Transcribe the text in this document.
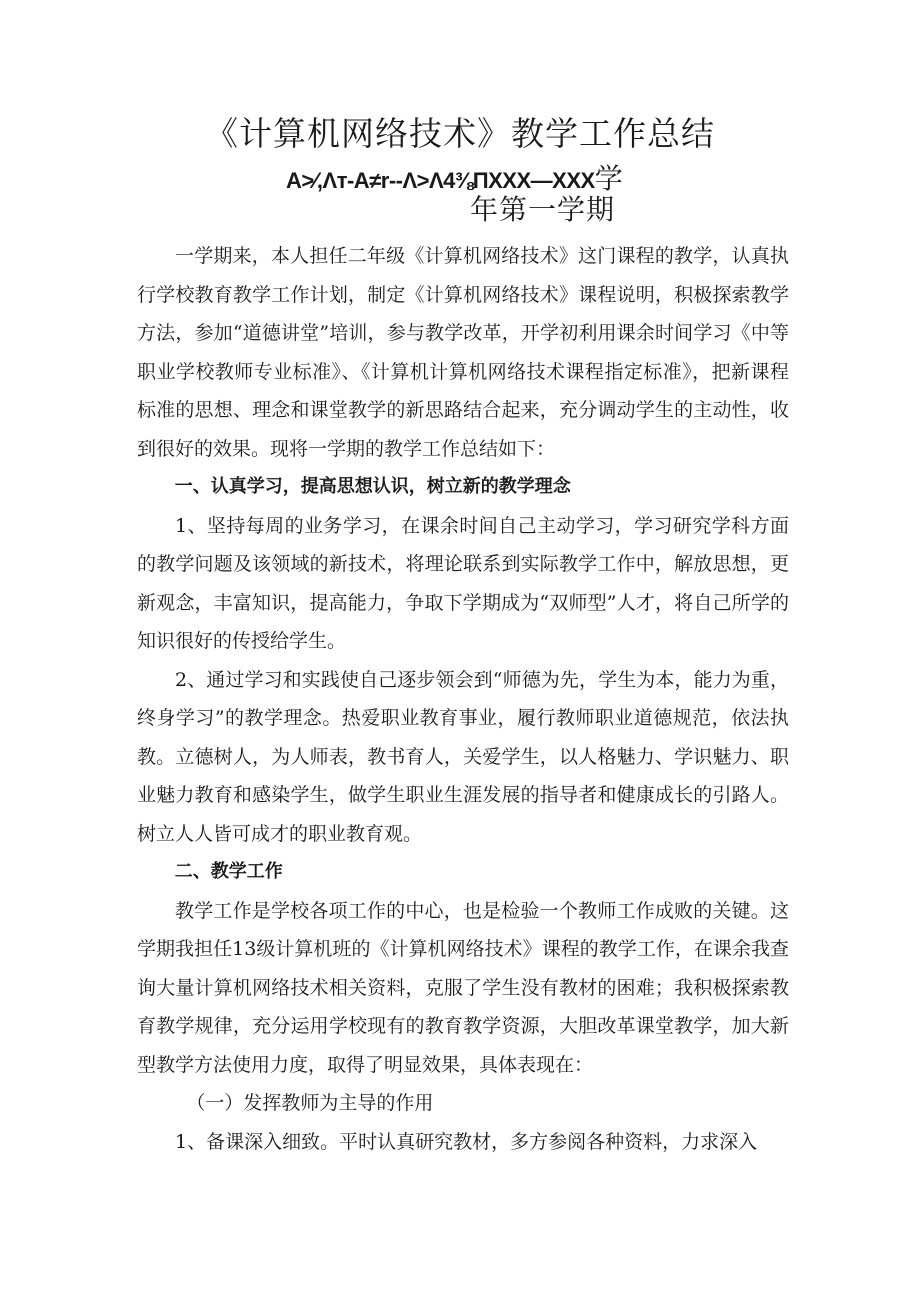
《计算机网络技术》教学工作总结
A>⁄,Λᴛ-A≠r--Λ>Λ4⅜ΠXXX—XXX学
年第一学期

一学期来，本人担任二年级《计算机网络技术》这门课程的教学，认真执行学校教育教学工作计划，制定《计算机网络技术》课程说明，积极探索教学方法，参加“道德讲堂”培训，参与教学改革，开学初利用课余时间学习《中等职业学校教师专业标准》、《计算机计算机网络技术课程指定标准》，把新课程标准的思想、理念和课堂教学的新思路结合起来，充分调动学生的主动性，收到很好的效果。现将一学期的教学工作总结如下：

一、认真学习，提高思想认识，树立新的教学理念

1、坚持每周的业务学习，在课余时间自己主动学习，学习研究学科方面的教学问题及该领域的新技术，将理论联系到实际教学工作中，解放思想，更新观念，丰富知识，提高能力，争取下学期成为“双师型”人才，将自己所学的知识很好的传授给学生。

2、通过学习和实践使自己逐步领会到“师德为先，学生为本，能力为重，终身学习”的教学理念。热爱职业教育事业，履行教师职业道德规范，依法执教。立德树人，为人师表，教书育人，关爱学生，以人格魅力、学识魅力、职业魅力教育和感染学生，做学生职业生涯发展的指导者和健康成长的引路人。树立人人皆可成才的职业教育观。

二、教学工作

教学工作是学校各项工作的中心，也是检验一个教师工作成败的关键。这学期我担任13级计算机班的《计算机网络技术》课程的教学工作，在课余我查询大量计算机网络技术相关资料，克服了学生没有教材的困难；我积极探索教育教学规律，充分运用学校现有的教育教学资源，大胆改革课堂教学，加大新型教学方法使用力度，取得了明显效果，具体表现在：

（一）发挥教师为主导的作用

1、备课深入细致。平时认真研究教材，多方参阅各种资料，力求深入
